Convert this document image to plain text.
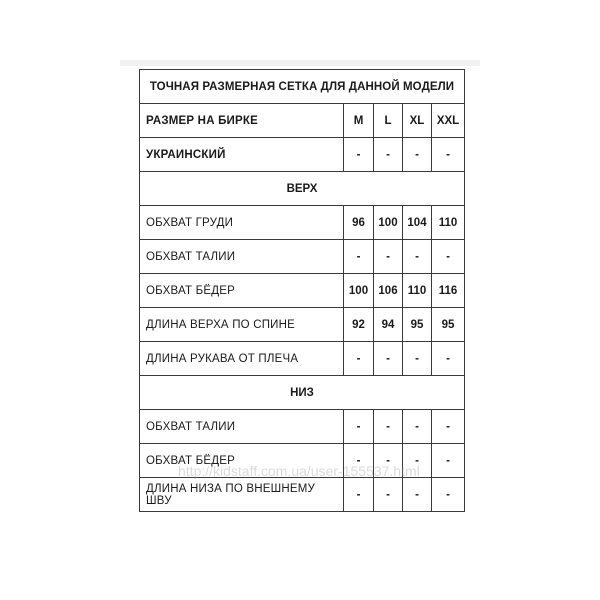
ТОЧНАЯ РАЗМЕРНАЯ СЕТКА ДЛЯ ДАННОЙ МОДЕЛИ				
РАЗМЕР НА БИРКЕ	M	L	XL	XXL
УКРАИНСКИЙ	-	-	-	-
ВЕРХ				
ОБХВАТ ГРУДИ	96	100	104	110
ОБХВАТ ТАЛИИ	-	-	-	-
ОБХВАТ БЁДЕР	100	106	110	116
ДЛИНА ВЕРХА ПО СПИНЕ	92	94	95	95
ДЛИНА РУКАВА ОТ ПЛЕЧА	-	-	-	-
НИЗ				
ОБХВАТ ТАЛИИ	-	-	-	-
ОБХВАТ БЁДЕР	-	-	-	-
ДЛИНА НИЗА ПО ВНЕШНЕМУ ШВУ	-	-	-	-
http://kidstaff.com.ua/user-155537.html
